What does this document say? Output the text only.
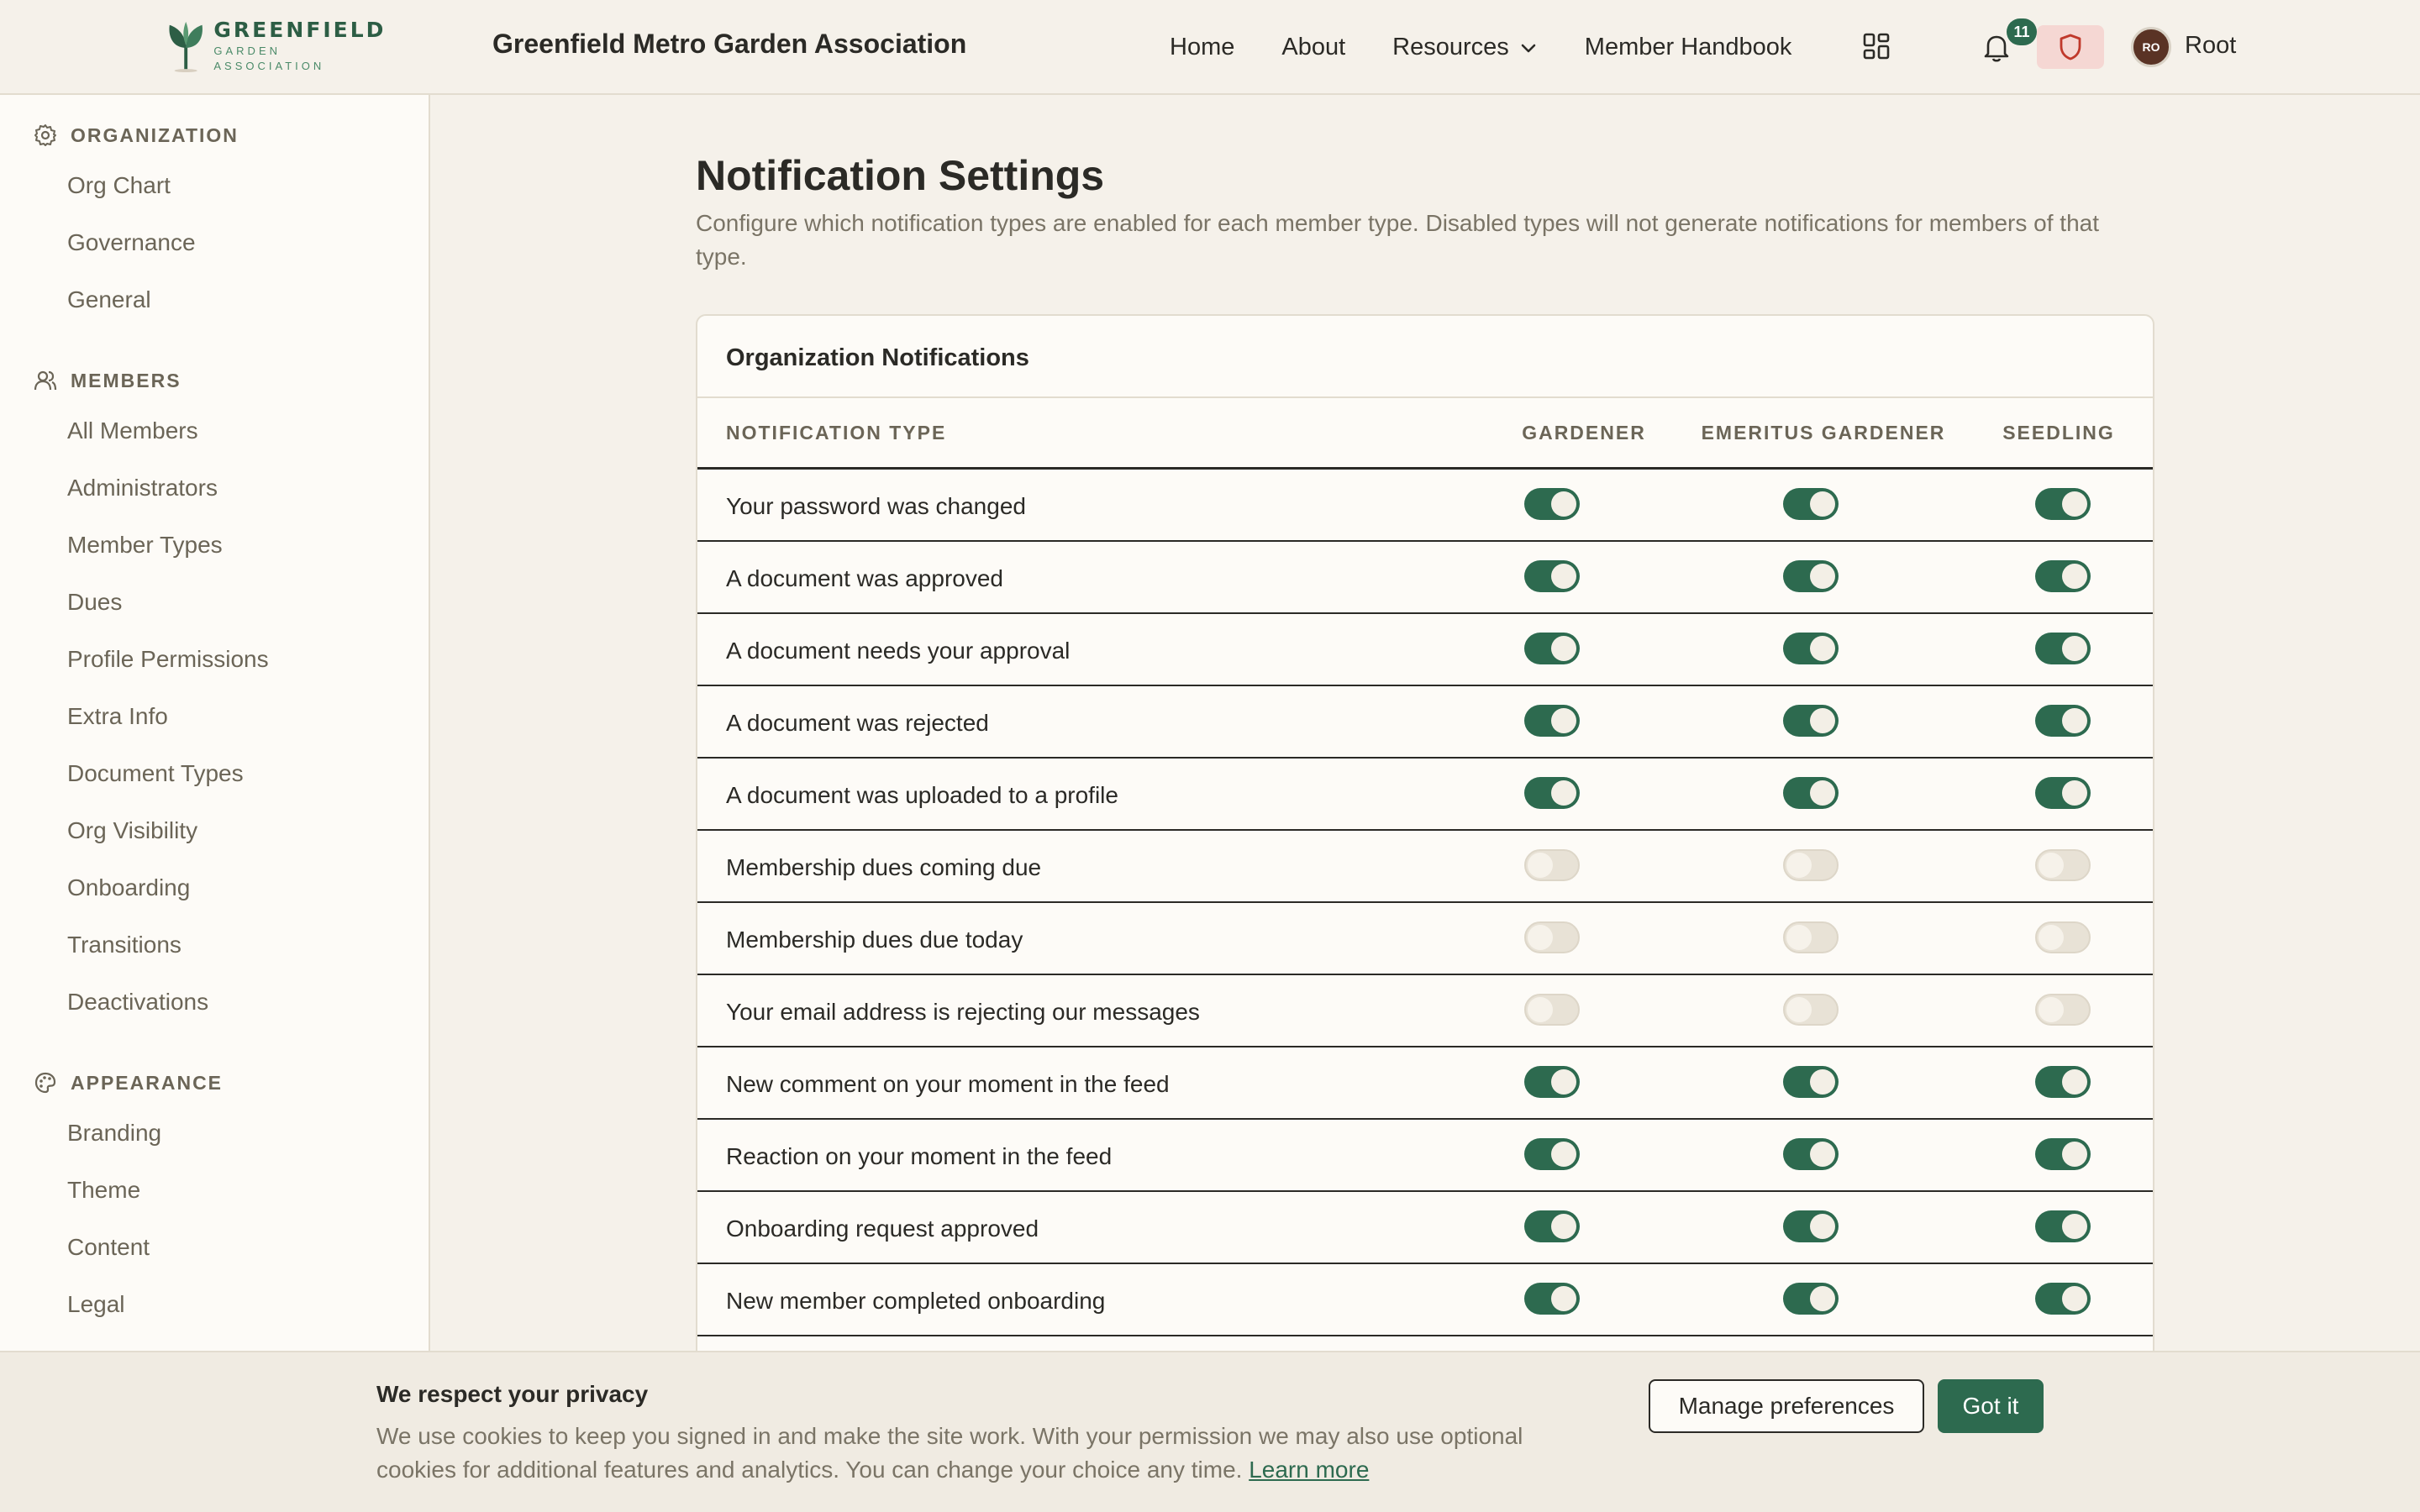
GREENFIELD
GARDEN ASSOCIATION
Greenfield Metro Garden Association	Home About Resources	Member Handbook
11
RO	Root
ORGANIZATION
Org Chart
Governance
General
MEMBERS
All Members
Administrators
Member Types
Dues
Profile Permissions
Extra Info
Document Types
Org Visibility
Onboarding
Transitions
Deactivations
APPEARANCE
Branding
Theme
Content
Legal
Notification Settings
Configure which notification types are enabled for each member type. Disabled types will not generate notifications for members of that type.
Organization Notifications
NOTIFICATION TYPE	GARDENER	EMERITUS GARDENER	SEEDLING
Your password was changed
A document was approved
A document needs your approval
A document was rejected
A document was uploaded to a profile
Membership dues coming due
Membership dues due today
Your email address is rejecting our messages
New comment on your moment in the feed
Reaction on your moment in the feed
Onboarding request approved
New member completed onboarding
We respect your privacy
We use cookies to keep you signed in and make the site work. With your permission we may also use optional cookies for additional features and analytics. You can change your choice any time. Learn more
Manage preferences	Got it
